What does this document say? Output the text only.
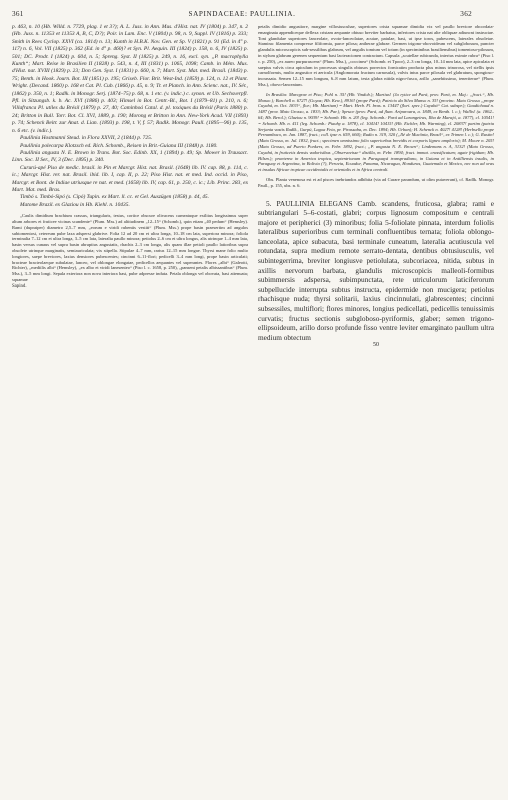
361	SAPINDACEAE: PAULLINIA.	362

p. 463, n. 10 (Hb. Willd. n. 7729, plag. 1 et 3?); A. L. Juss. in Ann. Mus. d'Hist. nat. IV (1804) p. 347, n. 2 (Hb. Juss. n. 11353 et 11353 A, B, C, D?); Poir. in Lam. Enc. V (1804) p. 98, n. 9, Suppl. IV (1816) p. 333; Smith in Rees Cyclop. XXVI (ca. 1814) n. 13; Kunth in H.B.K. Nov. Gen. et Sp. V (1821) p. 91 (Ed. in 4° p. 117) n. 6, Vol. VII (1825) p. 362 (Ed. in 4° p. 460)? et Syn. Pl. Aequin. III (1824) p. 158, n. 6, IV (1825) p. 501; DC. Prodr. I (1824) p. 604, n. 5; Spreng. Syst. II (1825) p. 249, n. 16, excl. syn. „P. macrophylla Kunth“; Mart. Reise in Brasilien II (1828) p. 543, n. 4, III (1831) p. 1065, 1098; Camb. in Mém. Mus. d'Hist. nat. XVIII (1829) p. 23; Don Gen. Syst. I (1831) p. 660, n. 7; Mart. Syst. Mat. med. Brasil. (1843) p. 75; Benth. in Hook. Journ. Bot. III (1851) p. 195; Griseb. Flor. Brit. West-Ind. (1859) p. 124, n. 12 et Plant. Wright. (Decand. 1860) p. 168 et Cat. Pl. Cub. (1866) p. 45, n. 9; Tr. et Planch. in Ann. Scienc. nat., IV. Sér., (1862) p. 350, n. 1; Radlk. in Monogr. Serj. (1874–75) p. 68, n. 1 etc. (v. indic.) c. synon. et Ub. Sechsverpfl. Pfl. in Sitzungsb. k. b. Ac. XVI (1886) p. 403; Himsel in Bot. Centr.-Bl., Bot. I (1879–81) p. 210, n. 6; Villafranca Pl. utiles du Brésil (1879) p. 27, 40; Caminhoá Catal. d. pl. toxiques du Brésil (Paris 1880) p. 24; Britton in Bull. Torr. Bot. Cl. XVI, 1889, p. 190; Morong et Britton in Ann. New-York Acad. VII (1893) p. 74; Schenck Beitr. zur Anat. d. Lian. (1893) p. 198, t. V, f. 57; Radlk. Monogr. Paull. (1895—96) p. 135, n. 6 etc. (v. indic.).

Paullinia Hostmanni Steud. in Flora XXVII, 2 (1844) p. 725.

Paullinia polecarpa Klotzsch ed. Rich. Schomb., Reisen in Brit.-Guiana III (1848) p. 1180.

Paullinia angusta N. E. Brown in Trans. Bot. Soc. Edinb. XX, 1 (1894) p. 49; Sp. Mower in Trausact. Linn. Soc. II Ser., IV, 3 (Dec. 1895) p. 340.

Cururú-apé Piso de medic. brasil. in Pin et Marcgr. Hist. nat. Brasil. (1648) lib. IV. cap. 88, p. 114, c. ic.; Marcgr. Hist. rer. nat. Brasil. ibid. lib. I, cap. II, p. 22; Piso Hist. nat. et med. Ind. occid. in Piso, Marcgr. et Bont. de Indiae utriusque re nat. et med. (1658) lib. IV, cap. 61, p. 250, c. ic.; Lib. Princ. 283, ex Mart. Mat. med. Bras.

Timbó s. Timbó-Sipó (s. Cipó) Tupin. ex Mart. ll. cc. et Gel. Auszügen (1858) p. 44, 45.

Matome Brazil. ex Glaziou in Hb. Kiehl. n. 10435.

„Caulis dimidium brachium crassus, triangularis, testus, cortice obscure olivaceus carneatuque exilitus longissimus super altum arbores et fruticee vicinas scandente“ (Plum. Mss.) ad altitudinem „12–15“ (Schomb.), quin etiam „40 pedum“ (Hemsley). Rami (dupraiper) diametro 2,5–7 mm, „eorum e viridi rubentis vestiti“ (Plum. Mss.) prope basin praesertim ad angulos subtomentosi, cetereum pube laxa adspersi glabrive. Folia 12 ad 20 cm et ultra longa, 10–18 cm lata, superiora minora; foliola terminalia 7–12 cm et ultra longa, 3–5 cm lata, lateralia paullo minora; petiolus 2–6 cm et ultra longus, alis utrinque 1–4 mm lata, basin versus cunaus vel supra basin abruptius angustatis, rhachis 2–3 cm longa, alis quam illae petioli paullo latioribus supra obsolete utrinque marginatis, semiauriculata; vix stipella. Stipulae 4–7 mm, rarius 12–15 mm longae. Thyrsi mane folio multo longiores, saepe breviores, laxius densiores pubescentes; cincinni 6–11-flori; pedicelli 3–4 mm longi, prope basin articulati; bracteae bracteolaeque subulatae, lanceo, vel oblongae elongatae, pedicellos aequantes vel superantes. Flores „albi“ (Galeotti, Richter), „mediilis albi“ (Hemsley), „ex albo et viridi lanesenteo“ (Piso l. c. 1658, p. 250), „pansent petalis albissantibus“ (Plum. Mss.), 3–5 mm longi. Sepala exteriora non nova interiora basi, pube adpresse induta. Petala oblonga vel obovata, basi attenuata; squamae

Sapind.

petalis dimidio angustiore, margine villosiuscuhae, superiores crista squamae dimidia vix vel paullo breviore obcordata-emarginata appendiceque deflexa cristam aequante obtuso breviter barbatus, inferiores crista nat alte obliquae adiuncnt instructae. Toni glandulae superiores lanceolate, ovoto-lanceolatae, acutae, patulae, basi, ut ipse toros, pubescens, laterales obsoletae. Stamina: filamenta compresse filiformia, parce pilosa; antherae glabrae. Germen trigono-obovoideum vel subglobosum, puncter glandulis microscopicis sub-sessilibus glabrum, vel angulis tomium vel totum (in speciminibus brasiliensibus) tomentoso-pilosum, in stylum glabrum gerenen sequentum basi lacteracionen contractum. Capsula „scutellae rubicunda, interius eximie rubra“ (Piso l. c. p. 250), „ex aureo purpurascens“ (Plum. Mss.), „coccinea“ (Schomb. et Tpoor), 2–3 cm longa, 10–14 mm lata, apice apiculata et saepius valvis circa apiculum in processus singulis obtusos porrectos fornicatim producta plus minus trinorosa, vel stellis ipsis carnolformis, multo angustior et aericula (Anglomorata fructum carnosula), valvis intus parce pilosula vel glabratum, spongioso-incrassata. Semen 12–15 mm longum, 6–8 mm latum, testa glabra nitida nigro-fusca, arillo „sanehtissimo, teneriterue“ (Plum. Mss.), obovo-lanceatum.

In Brasilia: Marcgrav et Piso; Pohl n. 35! (Hb. Vindob.); Martius! (Ja rytice ad Pará, prov. Pará, m. Maj.: „fruct.“, Hb. Monac.); Burchell n. 6727! (Goyaz; Hb. Kew.), 8916! (prope Pará); Patricio da Silva Manso n. 35! (provinc. Mato Grosso „prope Cuyabá, m. Oct. 1833“, flor.; Hb. Martium) = Mart. Herb. Fl. bras. n. 13447 (flori. spec.) Cuyabá“ Cat. subspr.); Gaudichaud n. 1487 (prov. Mato Grosso, a. 1833; Hb. Par.); Spruce (prov. Pará, ad flum. Ariparoara, a. 1849, ex Benth. l. c.); Wallis! (a. 1862–64; Hb. Berol.); Glaziou n. 9039! = Schomb. Hb. n. 20! (leg. Schomb.: Pará ad Larangeiras, Ilha de Marajó, a. 1877), cl. 10541! = Schomb. Hb. n. 411 (leg. Schomb.: Piauhy a. 1878), cl. 10414! 10415! (Hb. Eichler, Hb. Warming), cl. 20837! partim (patria Serjania vastis Radlk., Gurpú, Lagoa Feia, pr. Pirassaba, m. Dec. 1894; Hb. Urban); H. Schenck n. 4027! 4128! (Herbsello prope Pernambuco, m. Jan. 1887, fruct.; coll. ipse n. 659, 660); Rudio n. 319, 320 („Ilé de Mucônia, Brasil“, ex Trimen l. c.); G. Rustin! (Mato Grosso, m. Jul. 1832, fruct.; specimen omnissimo folio superiorbus brevidis et corporis ligneo amplorio); M. Moore n. 205! (Mato Grosso, ad Puerto Ponkers, m. Febr. 1892, fruct.; „P. angusta N. E. Brown“; Lindemans n. A, 3132! (Mato Grosso, Cuyabá, in fruticetis densis vadorisibus „Observavisse“ distilla, m. Febr. 1894; fruct. immat. crassificatum; agate frigidum; Hb. Hilsm.); praeterea in America tropica, septentrionum in Paraguayá transpradiano, in Guiana et in Antilliensis insulis, in Paraguay et Argentina, in Bolivia (?), Peruvia, Ecuador, Panama, Nicaragua, Honduras, Guatemala et Mexico, nec non ad oras et insulas Africae tropicae occidentalis et orientalis et in Africa centrali.

Obs. Planta venenosa est et ad pisces inebriandos adhibita (via ad Curare parandum, ut olim putaverunt), cf. Radlk. Monogr. Paull., p. 155, ubs. n. 6.

5. PAULLINIA ELEGANS Camb. scandens, fruticosa, glabra; rami e subtriangulari 5–6-costati, glabri; corpus lignosum compositum e centrali majore et peripherici (3) minoribus; folia 5-foliolate pinnata, interdum foliolis lateralibus superioribus cum terminali confluentibus ternata; foliola oblongo-lanceolata, apice subacuta, basi terminale cuneatum, lateralia acutiuscula vel rotundata, supra medium remote serrato-dentata, dentibus obtusiusculis, vel subintegerrima, breviter longiusve petiolulata, subcoriacea, nitida, subtus in axillis nervorum barbata, glandulis microscopicis malleoli-formibus subimmersis adspersa, subimpunctata, rete utriculorum laticiferorum subpellucide interrupta subtus instructa, epidermide non mucigera; petiolus rhachisque nuda; thyrsi solitarii, laxius cincinnulati, glabrescentes; cincinni subsessiles, multiflori; flores minores, longius pedicellati, pedicellis tenuissimis curvatis; fructus sectionis subgloboso-pyriformis, glaber; semen trigono-ellipsoideum, arillo dorso profunde fisso ventre leviter emarginato paullum ultra medium obtectum

50
